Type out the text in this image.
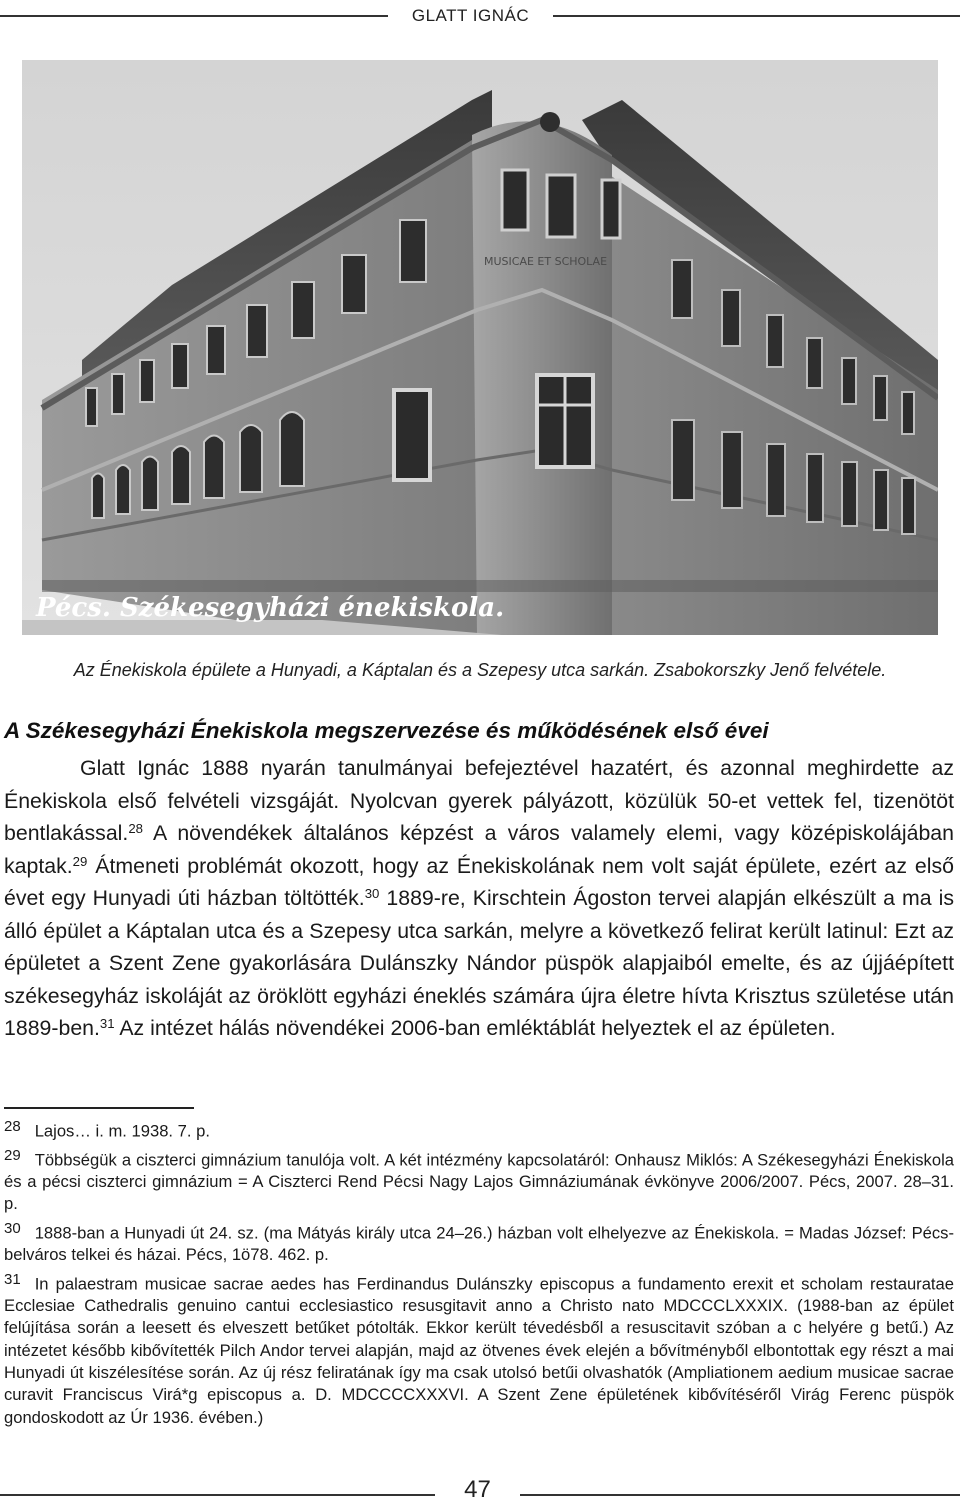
GLATT IGNÁC
MUSICAE ET SCHOLAE
Pécs. Székesegyházi énekiskola.
Az Énekiskola épülete a Hunyadi, a Káptalan és a Szepesy utca sarkán. Zsabokorszky Jenő felvétele.
A Székesegyházi Énekiskola megszervezése és működésének első évei
Glatt Ignác 1888 nyarán tanulmányai befejeztével hazatért, és azonnal meghirdette az Énekiskola első felvételi vizsgáját. Nyolcvan gyerek pályázott, közülük 50-et vettek fel, tizenötöt bentlakással.$^{28}$ A növendékek általános képzést a város valamely elemi, vagy középiskolájában kaptak.$^{29}$ Átmeneti problémát okozott, hogy az Énekiskolának nem volt saját épülete, ezért az első évet egy Hunyadi úti házban töltötték.$^{30}$ 1889-re, Kirschtein Ágoston tervei alapján elkészült a ma is álló épület a Káptalan utca és a Szepesy utca sarkán, melyre a következő felirat került latinul: Ezt az épületet a Szent Zene gyakorlására Dulánszky Nándor püspök alapjaiból emelte, és az újjáépített székesegyház iskoláját az öröklött egyházi éneklés számára újra életre hívta Krisztus születése után 1889-ben.$^{31}$ Az intézet hálás növendékei 2006-ban emléktáblát helyeztek el az épületen.
28 Lajos… i. m. 1938. 7. p.
29 Többségük a ciszterci gimnázium tanulója volt. A két intézmény kapcsolatáról: Onhausz Miklós: A Székesegyházi Énekiskola és a pécsi ciszterci gimnázium = A Ciszterci Rend Pécsi Nagy Lajos Gimnáziumának évkönyve 2006/2007. Pécs, 2007. 28–31. p.
30 1888-ban a Hunyadi út 24. sz. (ma Mátyás király utca 24–26.) házban volt elhelyezve az Énekiskola. = Madas József: Pécs-belváros telkei és házai. Pécs, 1ö78. 462. p.
31 In palaestram musicae sacrae aedes has Ferdinandus Dulánszky episcopus a fundamento erexit et scholam restauratae Ecclesiae Cathedralis genuino cantui ecclesiastico resusgitavit anno a Christo nato MDCCCLXXXIX. (1988-ban az épület felújítása során a leesett és elveszett betűket pótolták. Ekkor került tévedésből a resuscitavit szóban a c helyére g betű.) Az intézetet később kibővítették Pilch Andor tervei alapján, majd az ötvenes évek elején a bővítményből elbontottak egy részt a mai Hunyadi út kiszélesítése során. Az új rész feliratának így ma csak utolsó betűi olvashatók (Ampliationem aedium musicae sacrae curavit Franciscus Virá*g episcopus a. D. MDCCCCXXXVI. A Szent Zene épületének kibővítéséről Virág Ferenc püspök gondoskodott az Úr 1936. évében.)
47
